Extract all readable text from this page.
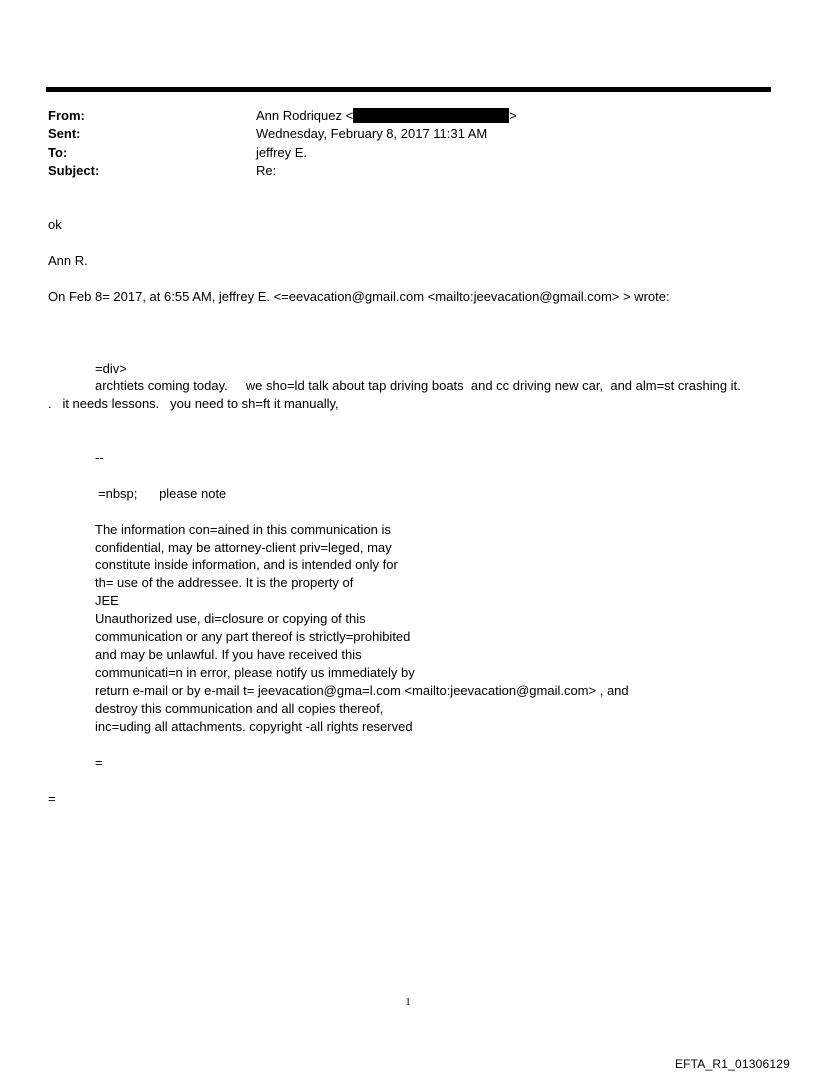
From:	Ann Rodriquez <	>
Sent:	Wednesday, February 8, 2017 11:31 AM
To:	jeffrey E.
Subject:	Re:
ok
Ann R.
On Feb 8= 2017, at 6:55 AM, jeffrey E. <=eevacation@gmail.com <mailto:jeevacation@gmail.com> > wrote:
=div>
archtiets coming today.     we sho=ld talk about tap driving boats  and cc driving new car,  and alm=st crashing it.
.   it needs lessons.   you need to sh=ft it manually,
--
=nbsp;      please note
The information con=ained in this communication is
confidential, may be attorney-client priv=leged, may
constitute inside information, and is intended only for
th= use of the addressee. It is the property of
JEE
Unauthorized use, di=closure or copying of this
communication or any part thereof is strictly=prohibited
and may be unlawful. If you have received this
communicati=n in error, please notify us immediately by
return e-mail or by e-mail t= jeevacation@gma=l.com <mailto:jeevacation@gmail.com> , and
destroy this communication and all copies thereof,
inc=uding all attachments. copyright -all rights reserved
=
=
1
EFTA_R1_01306129
